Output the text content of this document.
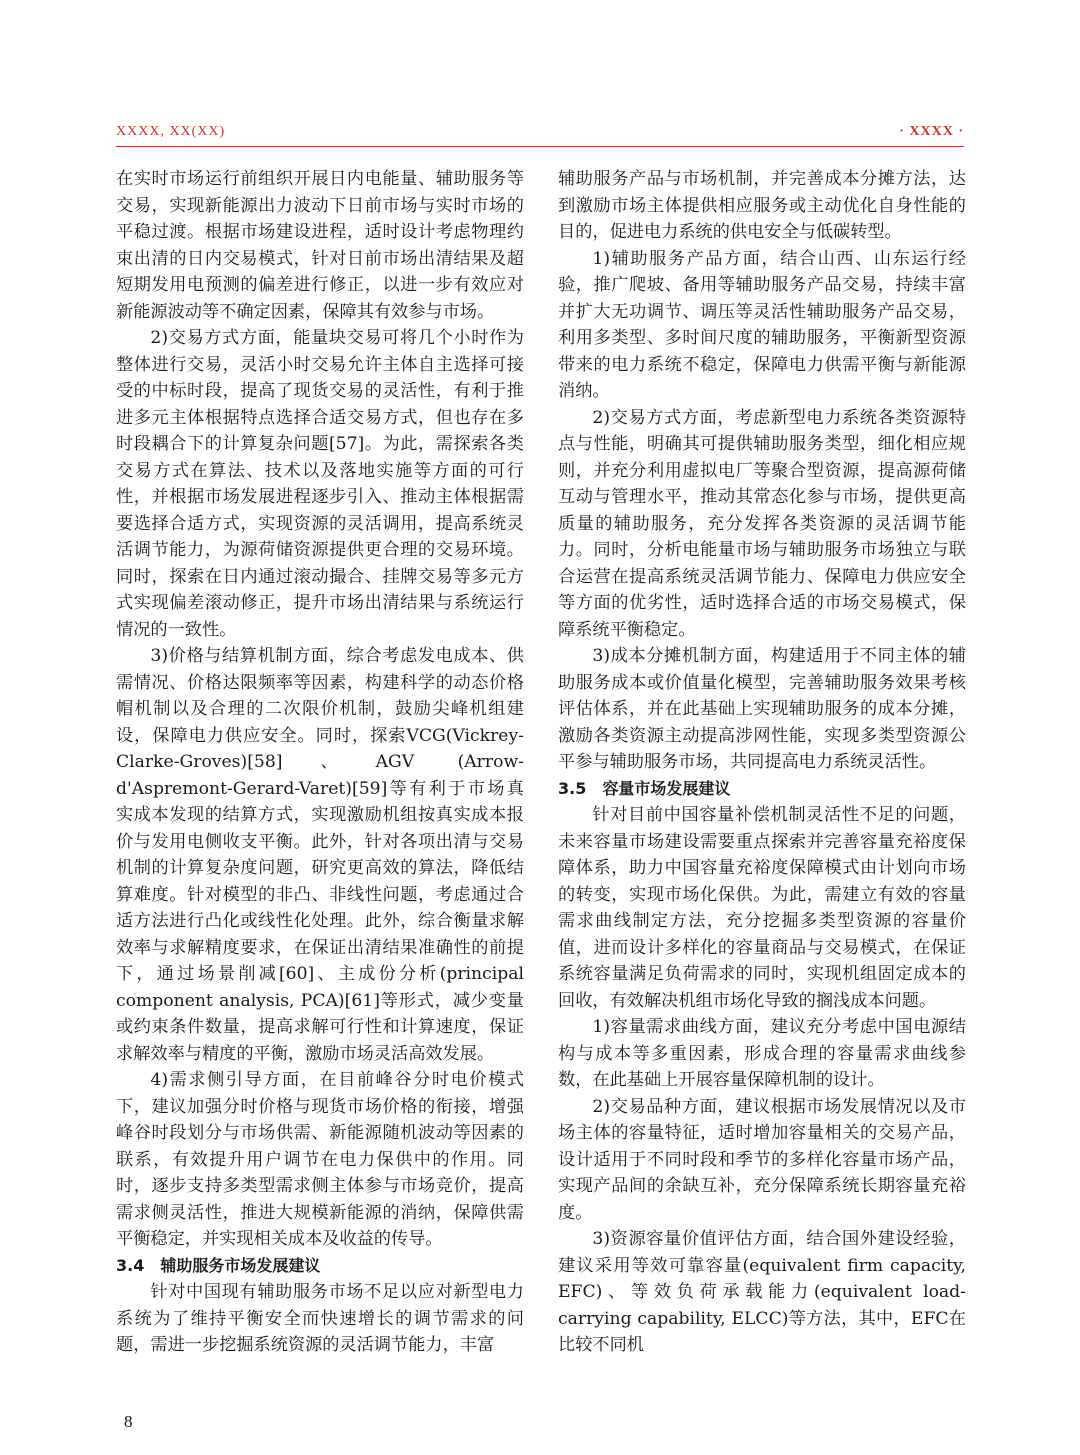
XXXX, XX(XX)	· XXXX ·

在实时市场运行前组织开展日内电能量、辅助服务等交易，实现新能源出力波动下日前市场与实时市场的平稳过渡。根据市场建设进程，适时设计考虑物理约束出清的日内交易模式，针对日前市场出清结果及超短期发用电预测的偏差进行修正，以进一步有效应对新能源波动等不确定因素，保障其有效参与市场。

2)交易方式方面，能量块交易可将几个小时作为整体进行交易，灵活小时交易允许主体自主选择可接受的中标时段，提高了现货交易的灵活性，有利于推进多元主体根据特点选择合适交易方式，但也存在多时段耦合下的计算复杂问题[57]。为此，需探索各类交易方式在算法、技术以及落地实施等方面的可行性，并根据市场发展进程逐步引入、推动主体根据需要选择合适方式，实现资源的灵活调用，提高系统灵活调节能力，为源荷储资源提供更合理的交易环境。同时，探索在日内通过滚动撮合、挂牌交易等多元方式实现偏差滚动修正，提升市场出清结果与系统运行情况的一致性。

3)价格与结算机制方面，综合考虑发电成本、供需情况、价格达限频率等因素，构建科学的动态价格帽机制以及合理的二次限价机制，鼓励尖峰机组建设，保障电力供应安全。同时，探索VCG(Vickrey-Clarke-Groves)[58]、AGV (Arrow-d'Aspremont-Gerard-Varet)[59]等有利于市场真实成本发现的结算方式，实现激励机组按真实成本报价与发用电侧收支平衡。此外，针对各项出清与交易机制的计算复杂度问题，研究更高效的算法，降低结算难度。针对模型的非凸、非线性问题，考虑通过合适方法进行凸化或线性化处理。此外，综合衡量求解效率与求解精度要求，在保证出清结果准确性的前提下，通过场景削减[60]、主成份分析(principal component analysis, PCA)[61]等形式，减少变量或约束条件数量，提高求解可行性和计算速度，保证求解效率与精度的平衡，激励市场灵活高效发展。

4)需求侧引导方面，在目前峰谷分时电价模式下，建议加强分时价格与现货市场价格的衔接，增强峰谷时段划分与市场供需、新能源随机波动等因素的联系，有效提升用户调节在电力保供中的作用。同时，逐步支持多类型需求侧主体参与市场竞价，提高需求侧灵活性，推进大规模新能源的消纳，保障供需平衡稳定，并实现相关成本及收益的传导。

3.4　辅助服务市场发展建议

针对中国现有辅助服务市场不足以应对新型电力系统为了维持平衡安全而快速增长的调节需求的问题，需进一步挖掘系统资源的灵活调节能力，丰富

辅助服务产品与市场机制，并完善成本分摊方法，达到激励市场主体提供相应服务或主动优化自身性能的目的，促进电力系统的供电安全与低碳转型。

1)辅助服务产品方面，结合山西、山东运行经验，推广爬坡、备用等辅助服务产品交易，持续丰富并扩大无功调节、调压等灵活性辅助服务产品交易，利用多类型、多时间尺度的辅助服务，平衡新型资源带来的电力系统不稳定，保障电力供需平衡与新能源消纳。

2)交易方式方面，考虑新型电力系统各类资源特点与性能，明确其可提供辅助服务类型，细化相应规则，并充分利用虚拟电厂等聚合型资源，提高源荷储互动与管理水平，推动其常态化参与市场，提供更高质量的辅助服务，充分发挥各类资源的灵活调节能力。同时，分析电能量市场与辅助服务市场独立与联合运营在提高系统灵活调节能力、保障电力供应安全等方面的优劣性，适时选择合适的市场交易模式，保障系统平衡稳定。

3)成本分摊机制方面，构建适用于不同主体的辅助服务成本或价值量化模型，完善辅助服务效果考核评估体系，并在此基础上实现辅助服务的成本分摊，激励各类资源主动提高涉网性能，实现多类型资源公平参与辅助服务市场，共同提高电力系统灵活性。

3.5　容量市场发展建议

针对目前中国容量补偿机制灵活性不足的问题，未来容量市场建设需要重点探索并完善容量充裕度保障体系，助力中国容量充裕度保障模式由计划向市场的转变，实现市场化保供。为此，需建立有效的容量需求曲线制定方法，充分挖掘多类型资源的容量价值，进而设计多样化的容量商品与交易模式，在保证系统容量满足负荷需求的同时，实现机组固定成本的回收，有效解决机组市场化导致的搁浅成本问题。

1)容量需求曲线方面，建议充分考虑中国电源结构与成本等多重因素，形成合理的容量需求曲线参数，在此基础上开展容量保障机制的设计。

2)交易品种方面，建议根据市场发展情况以及市场主体的容量特征，适时增加容量相关的交易产品，设计适用于不同时段和季节的多样化容量市场产品，实现产品间的余缺互补，充分保障系统长期容量充裕度。

3)资源容量价值评估方面，结合国外建设经验，建议采用等效可靠容量(equivalent firm capacity, EFC)、等效负荷承载能力(equivalent load-carrying capability, ELCC)等方法，其中，EFC在比较不同机

8
